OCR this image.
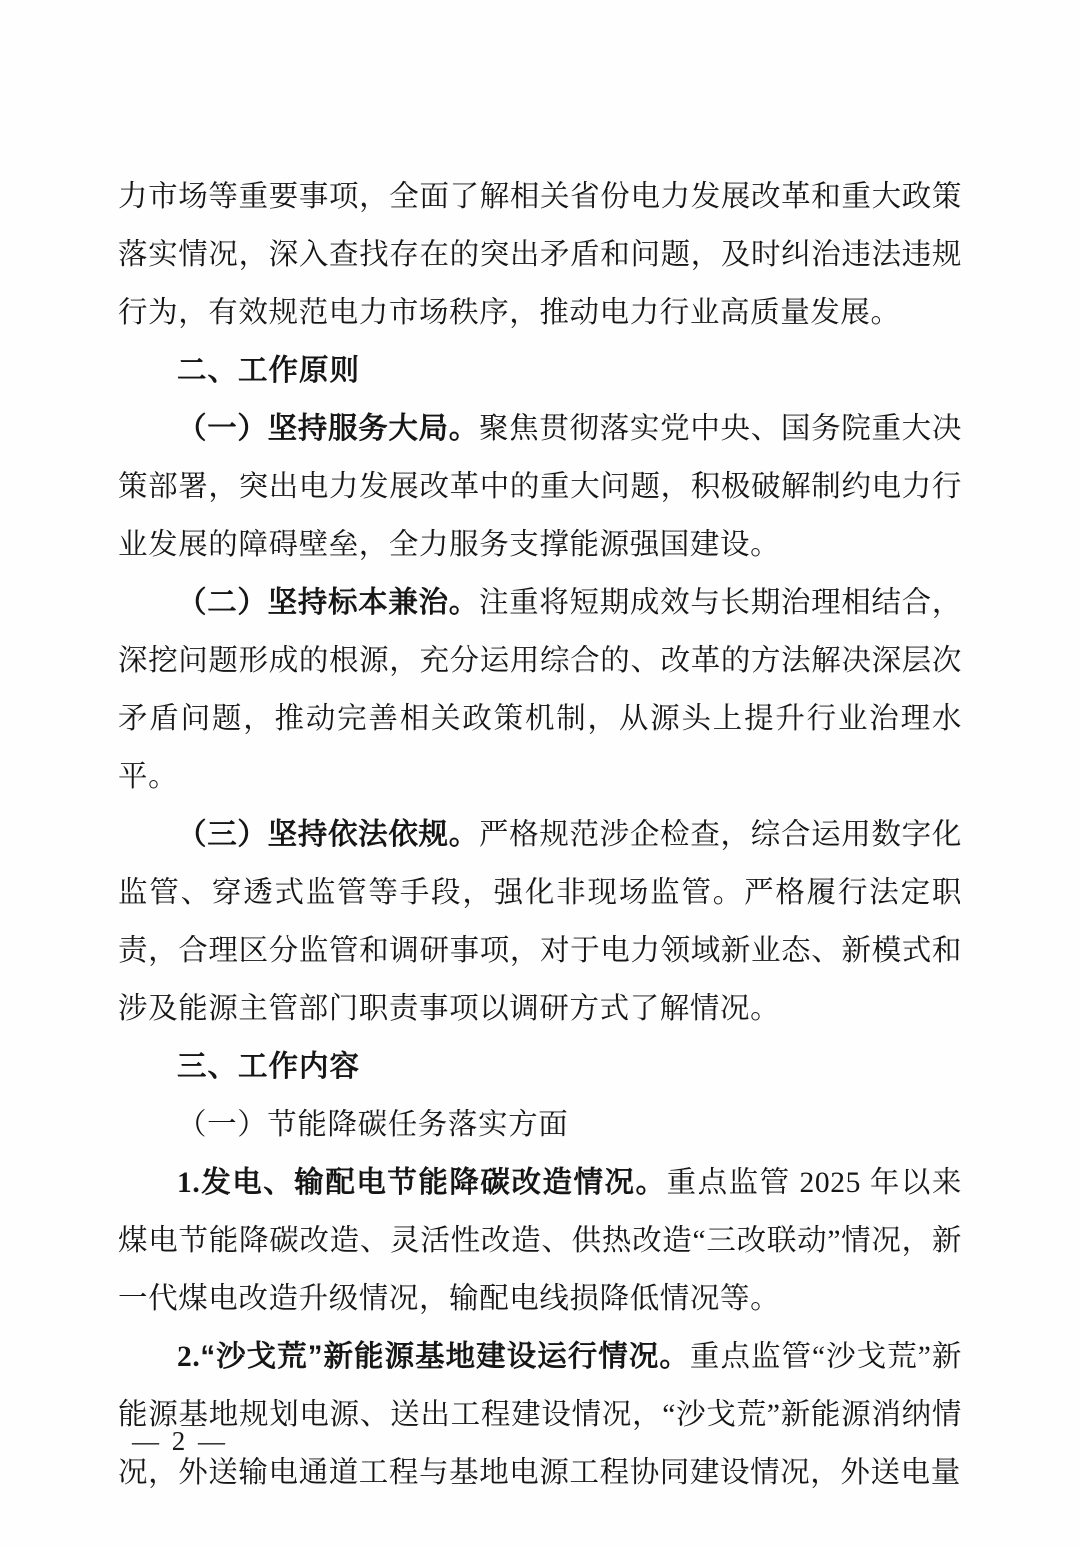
力市场等重要事项，全面了解相关省份电力发展改革和重大政策落实情况，深入查找存在的突出矛盾和问题，及时纠治违法违规行为，有效规范电力市场秩序，推动电力行业高质量发展。

二、工作原则

（一）坚持服务大局。聚焦贯彻落实党中央、国务院重大决策部署，突出电力发展改革中的重大问题，积极破解制约电力行业发展的障碍壁垒，全力服务支撑能源强国建设。

（二）坚持标本兼治。注重将短期成效与长期治理相结合，深挖问题形成的根源，充分运用综合的、改革的方法解决深层次矛盾问题，推动完善相关政策机制，从源头上提升行业治理水平。

（三）坚持依法依规。严格规范涉企检查，综合运用数字化监管、穿透式监管等手段，强化非现场监管。严格履行法定职责，合理区分监管和调研事项，对于电力领域新业态、新模式和涉及能源主管部门职责事项以调研方式了解情况。

三、工作内容

（一）节能降碳任务落实方面

1.发电、输配电节能降碳改造情况。重点监管 2025 年以来煤电节能降碳改造、灵活性改造、供热改造“三改联动”情况，新一代煤电改造升级情况，输配电线损降低情况等。

2.“沙戈荒”新能源基地建设运行情况。重点监管“沙戈荒”新能源基地规划电源、送出工程建设情况，“沙戈荒”新能源消纳情况，外送输电通道工程与基地电源工程协同建设情况，外送电量

— 2 —
